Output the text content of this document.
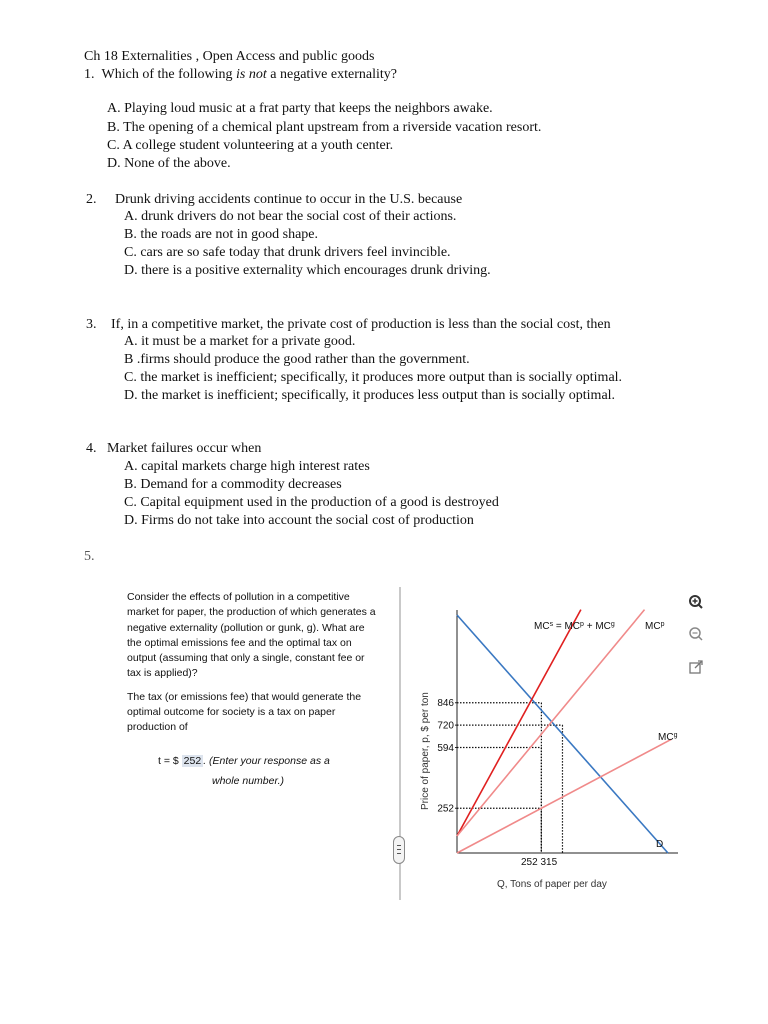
Ch 18 Externalities , Open Access and public goods
1. Which of the following is not a negative externality?
A. Playing loud music at a frat party that keeps the neighbors awake.
B. The opening of a chemical plant upstream from a riverside vacation resort.
C. A college student volunteering at a youth center.
D. None of the above.
2. Drunk driving accidents continue to occur in the U.S. because
A. drunk drivers do not bear the social cost of their actions.
B. the roads are not in good shape.
C. cars are so safe today that drunk drivers feel invincible.
D. there is a positive externality which encourages drunk driving.
3. If, in a competitive market, the private cost of production is less than the social cost, then
A. it must be a market for a private good.
B .firms should produce the good rather than the government.
C. the market is inefficient; specifically, it produces more output than is socially optimal.
D. the market is inefficient; specifically, it produces less output than is socially optimal.
4. Market failures occur when
A. capital markets charge high interest rates
B. Demand for a commodity decreases
C. Capital equipment used in the production of a good is destroyed
D. Firms do not take into account the social cost of production
5.

Consider the effects of pollution in a competitive market for paper, the production of which generates a negative externality (pollution or gunk, g). What are the optimal emissions fee and the optimal tax on output (assuming that only a single, constant fee or tax is applied)?

The tax (or emissions fee) that would generate the optimal outcome for society is a tax on paper production of

t = $ 252 . (Enter your response as a
whole number.)
846
720
594
252
Price of paper, p, $ per ton
Q, Tons of paper per day
252 315
$MC^s = MC^p + MC^g$	$MC^p$
$MC^g$
D
